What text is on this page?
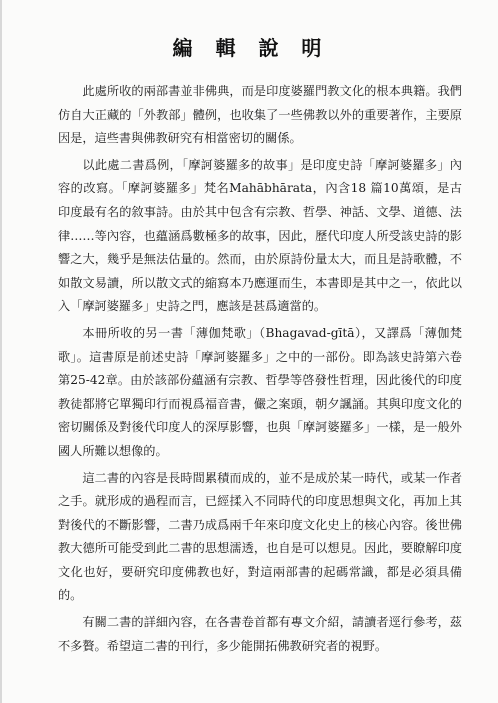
編 輯 說 明

此處所收的兩部書並非佛典，而是印度婆羅門教文化的根本典籍。我們仿自大正藏的「外教部」體例，也收集了一些佛教以外的重要著作，主要原因是，這些書與佛教研究有相當密切的關係。

以此處二書爲例，「摩訶婆羅多的故事」是印度史詩「摩訶婆羅多」內容的改寫。「摩訶婆羅多」梵名Mahābhārata，內含18 篇10萬頌，是古印度最有名的敘事詩。由於其中包含有宗教、哲學、神話、文學、道德、法律……等內容，也蘊涵爲數極多的故事，因此，歷代印度人所受該史詩的影響之大，幾乎是無法估量的。然而，由於原詩份量太大，而且是詩歌體，不如散文易讀，所以散文式的縮寫本乃應運而生，本書即是其中之一，依此以入「摩訶婆羅多」史詩之門，應該是甚爲適當的。

本冊所收的另一書「薄伽梵歌」（Bhagavad-gītā），又譯爲「薄伽梵歌」。這書原是前述史詩「摩訶婆羅多」之中的一部份。即為該史詩第六卷第25-42章。由於該部份蘊涵有宗教、哲學等啓發性哲理，因此後代的印度教徒都將它單獨印行而視爲福音書，儼之案頭，朝夕諷誦。其與印度文化的密切關係及對後代印度人的深厚影響，也與「摩訶婆羅多」一樣，是一般外國人所難以想像的。

這二書的內容是長時間累積而成的，並不是成於某一時代，或某一作者之手。就形成的過程而言，已經揉入不同時代的印度思想與文化，再加上其對後代的不斷影響，二書乃成爲兩千年來印度文化史上的核心內容。後世佛教大德所可能受到此二書的思想濡透，也自是可以想見。因此，要瞭解印度文化也好，要研究印度佛教也好，對這兩部書的起碼常識，都是必須具備的。

有關二書的詳細內容，在各書卷首都有專文介紹，請讀者逕行參考，茲不多贅。希望這二書的刊行，多少能開拓佛教研究者的視野。
